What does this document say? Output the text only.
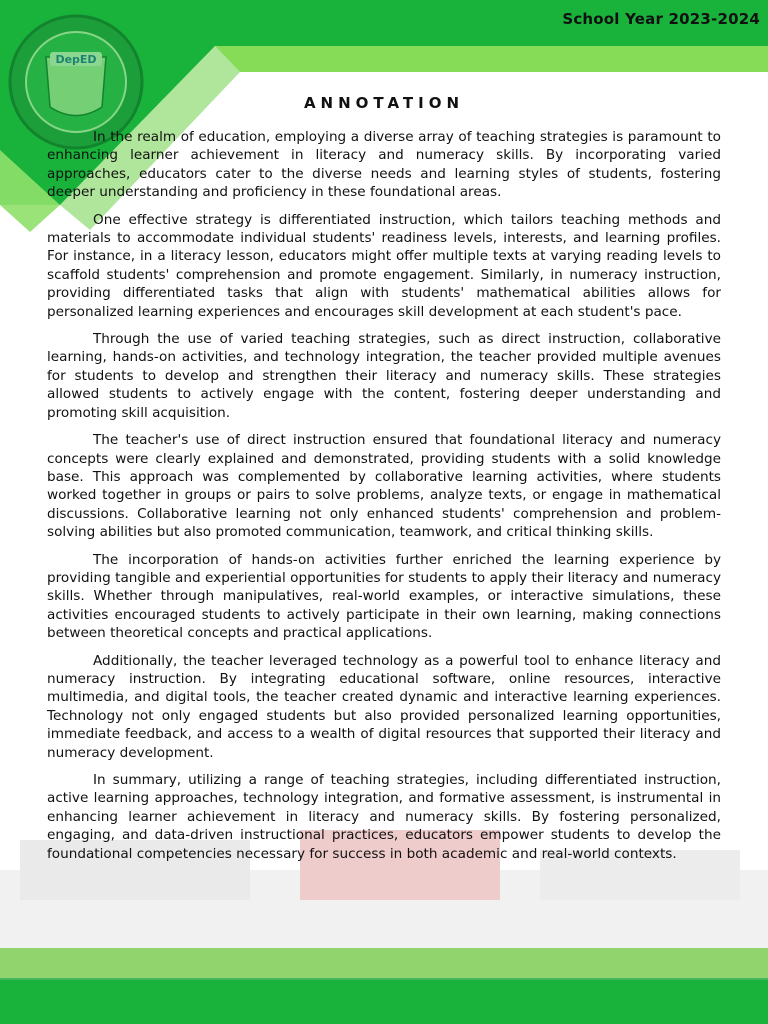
DepED
School Year 2023-2024
ANNOTATION

In the realm of education, employing a diverse array of teaching strategies is paramount to enhancing learner achievement in literacy and numeracy skills. By incorporating varied approaches, educators cater to the diverse needs and learning styles of students, fostering deeper understanding and proficiency in these foundational areas.

One effective strategy is differentiated instruction, which tailors teaching methods and materials to accommodate individual students' readiness levels, interests, and learning profiles. For instance, in a literacy lesson, educators might offer multiple texts at varying reading levels to scaffold students' comprehension and promote engagement. Similarly, in numeracy instruction, providing differentiated tasks that align with students' mathematical abilities allows for personalized learning experiences and encourages skill development at each student's pace.

Through the use of varied teaching strategies, such as direct instruction, collaborative learning, hands-on activities, and technology integration, the teacher provided multiple avenues for students to develop and strengthen their literacy and numeracy skills. These strategies allowed students to actively engage with the content, fostering deeper understanding and promoting skill acquisition.

The teacher's use of direct instruction ensured that foundational literacy and numeracy concepts were clearly explained and demonstrated, providing students with a solid knowledge base. This approach was complemented by collaborative learning activities, where students worked together in groups or pairs to solve problems, analyze texts, or engage in mathematical discussions. Collaborative learning not only enhanced students' comprehension and problem-solving abilities but also promoted communication, teamwork, and critical thinking skills.

The incorporation of hands-on activities further enriched the learning experience by providing tangible and experiential opportunities for students to apply their literacy and numeracy skills. Whether through manipulatives, real-world examples, or interactive simulations, these activities encouraged students to actively participate in their own learning, making connections between theoretical concepts and practical applications.

Additionally, the teacher leveraged technology as a powerful tool to enhance literacy and numeracy instruction. By integrating educational software, online resources, interactive multimedia, and digital tools, the teacher created dynamic and interactive learning experiences. Technology not only engaged students but also provided personalized learning opportunities, immediate feedback, and access to a wealth of digital resources that supported their literacy and numeracy development.

In summary, utilizing a range of teaching strategies, including differentiated instruction, active learning approaches, technology integration, and formative assessment, is instrumental in enhancing learner achievement in literacy and numeracy skills. By fostering personalized, engaging, and data-driven instructional practices, educators empower students to develop the foundational competencies necessary for success in both academic and real-world contexts.
